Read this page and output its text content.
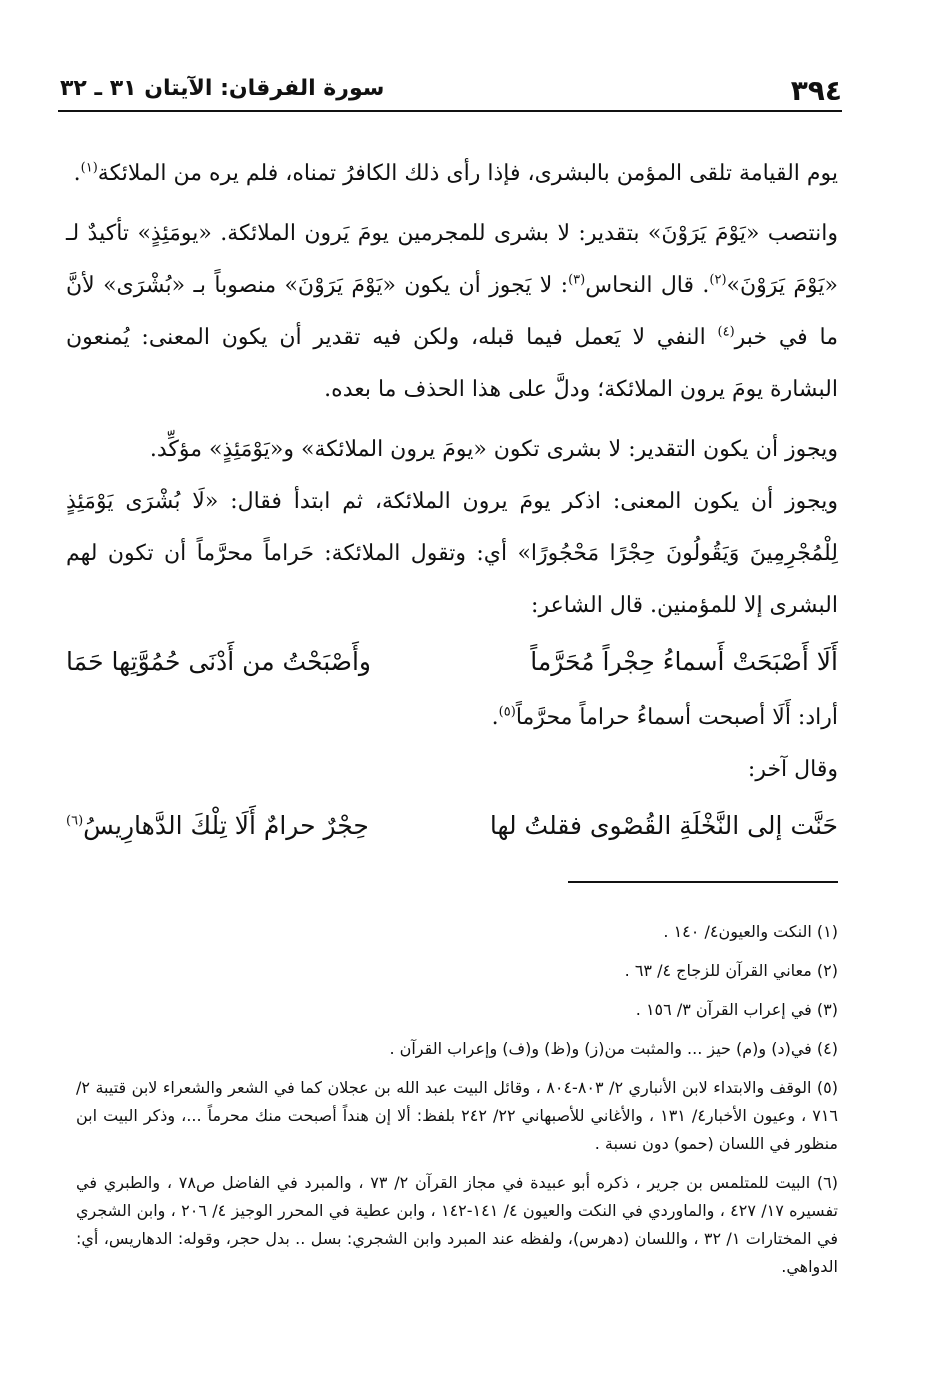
٣٩٤
سورة الفرقان: الآيتان ٣١ ـ ٣٢

يوم القيامة تلقى المؤمن بالبشرى، فإذا رأى ذلك الكافرُ تمناه، فلم يره من الملائكة$^{(١)}$.

وانتصب «يَوْمَ يَرَوْنَ» بتقدير: لا بشرى للمجرمين يومَ يَرون الملائكة. «يومَئِذٍ» تأكيدٌ لـ «يَوْمَ يَرَوْنَ»$^{(٢)}$. قال النحاس$^{(٣)}$: لا يَجوز أن يكون «يَوْمَ يَرَوْنَ» منصوباً بـ «بُشْرَى» لأنَّ ما في خبر$^{(٤)}$ النفي لا يَعمل فيما قبله، ولكن فيه تقدير أن يكون المعنى: يُمنعون البشارة يومَ يرون الملائكة؛ ودلَّ على هذا الحذف ما بعده.

ويجوز أن يكون التقدير: لا بشرى تكون «يومَ يرون الملائكة» و«يَوْمَئِذٍ» مؤكِّد.

ويجوز أن يكون المعنى: اذكر يومَ يرون الملائكة، ثم ابتدأ فقال: «لَا بُشْرَى يَوْمَئِذٍ لِلْمُجْرِمِينَ وَيَقُولُونَ حِجْرًا مَحْجُورًا» أي: وتقول الملائكة: حَراماً محرَّماً أن تكون لهم البشرى إلا للمؤمنين. قال الشاعر:

أَلَا أَصْبَحَتْ أَسماءُ حِجْراً مُحَرَّماً
وأَصْبَحْتُ من أَدْنَى حُمُوَّتِها حَمَا

أراد: أَلَا أصبحت أسماءُ حراماً محرَّماً$^{(٥)}$.

وقال آخر:

حَنَّت إلى النَّخْلَةِ القُصْوى فقلتُ لها
حِجْرٌ حرامٌ أَلَا تِلْكَ الدَّهارِيسُ$^{(٦)}$

(١) النكت والعيون٤/ ١٤٠ .

(٢) معاني القرآن للزجاج ٤/ ٦٣ .

(٣) في إعراب القرآن ٣/ ١٥٦ .

(٤) في(د) و(م) حيز ... والمثبت من(ز) و(ظ) و(ف) وإعراب القرآن .

(٥) الوقف والابتداء لابن الأنباري ٢/ ٨٠٣-٨٠٤ ، وقائل البيت عبد الله بن عجلان كما في الشعر والشعراء لابن قتيبة ٢/ ٧١٦ ، وعيون الأخبار٤/ ١٣١ ، والأغاني للأصبهاني ٢٢/ ٢٤٢ بلفظ: ألا إن هنداً أصبحت منك محرماً ...، وذكر البيت ابن منظور في اللسان (حمو) دون نسبة .

(٦) البيت للمتلمس بن جرير ، ذكره أبو عبيدة في مجاز القرآن ٢/ ٧٣ ، والمبرد في الفاضل ص٧٨ ، والطبري في تفسيره ١٧/ ٤٢٧ ، والماوردي في النكت والعيون ٤/ ١٤١-١٤٢ ، وابن عطية في المحرر الوجيز ٤/ ٢٠٦ ، وابن الشجري في المختارات ١/ ٣٢ ، واللسان (دهرس)، ولفظه عند المبرد وابن الشجري: بسل .. بدل حجر، وقوله: الدهاريس، أي: الدواهي.
